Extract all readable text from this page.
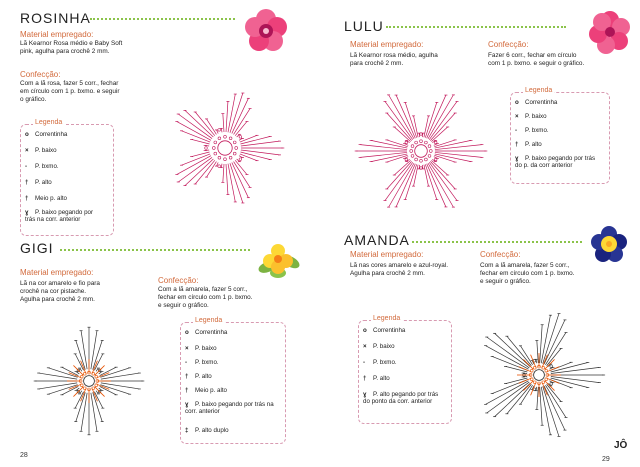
ROSINHA
Material empregado:
Lã Kearnor Rosa médio e Baby Soft
pink, agulha para crochê 2 mm.
Confecção:
Com a lã rosa, fazer 5 corr., fechar
em círculo com 1 p. bxmo. e seguir
o gráfico.
Legenda
o Correntinha
× P. baixo
- P. bxmo.
† P. alto
† Meio p. alto
ɣ P. baixo pegando por trás na corr. anterior
GIGI
Material empregado:
Lã na cor amarelo e fio para
crochê na cor pistache.
Agulha para crochê 2 mm.
Confecção:
Com a lã amarela, fazer 5 corr.,
fechar em círculo com 1 p. bxmo.
e seguir o gráfico.
Legenda
o Correntinha
× P. baixo
- P. bxmo.
† P. alto
† Meio p. alto
ɣ P. baixo pegando por trás na corr. anterior
‡ P. alto duplo
28
LULU
Material empregado:
Lã Kearnor rosa médio, agulha
para crochê 2 mm.
Confecção:
Fazer 6 corr., fechar em círculo
com 1 p. bxmo. e seguir o gráfico.
Legenda
o Correntinha
× P. baixo
- P. bxmo.
† P. alto
ɣ P. baixo pegando por trás do p. da corr anterior
AMANDA
Material empregado:
Lã nas cores amarelo e azul-royal.
Agulha para crochê 2 mm.
Confecção:
Com a lã amarela, fazer 5 corr.,
fechar em círculo com 1 p. bxmo.
e seguir o gráfico.
Legenda
o Correntinha
× P. baixo
- P. bxmo.
† P. alto
ɣ P. alto pegando por trás do ponto da corr. anterior
29
JÔ
